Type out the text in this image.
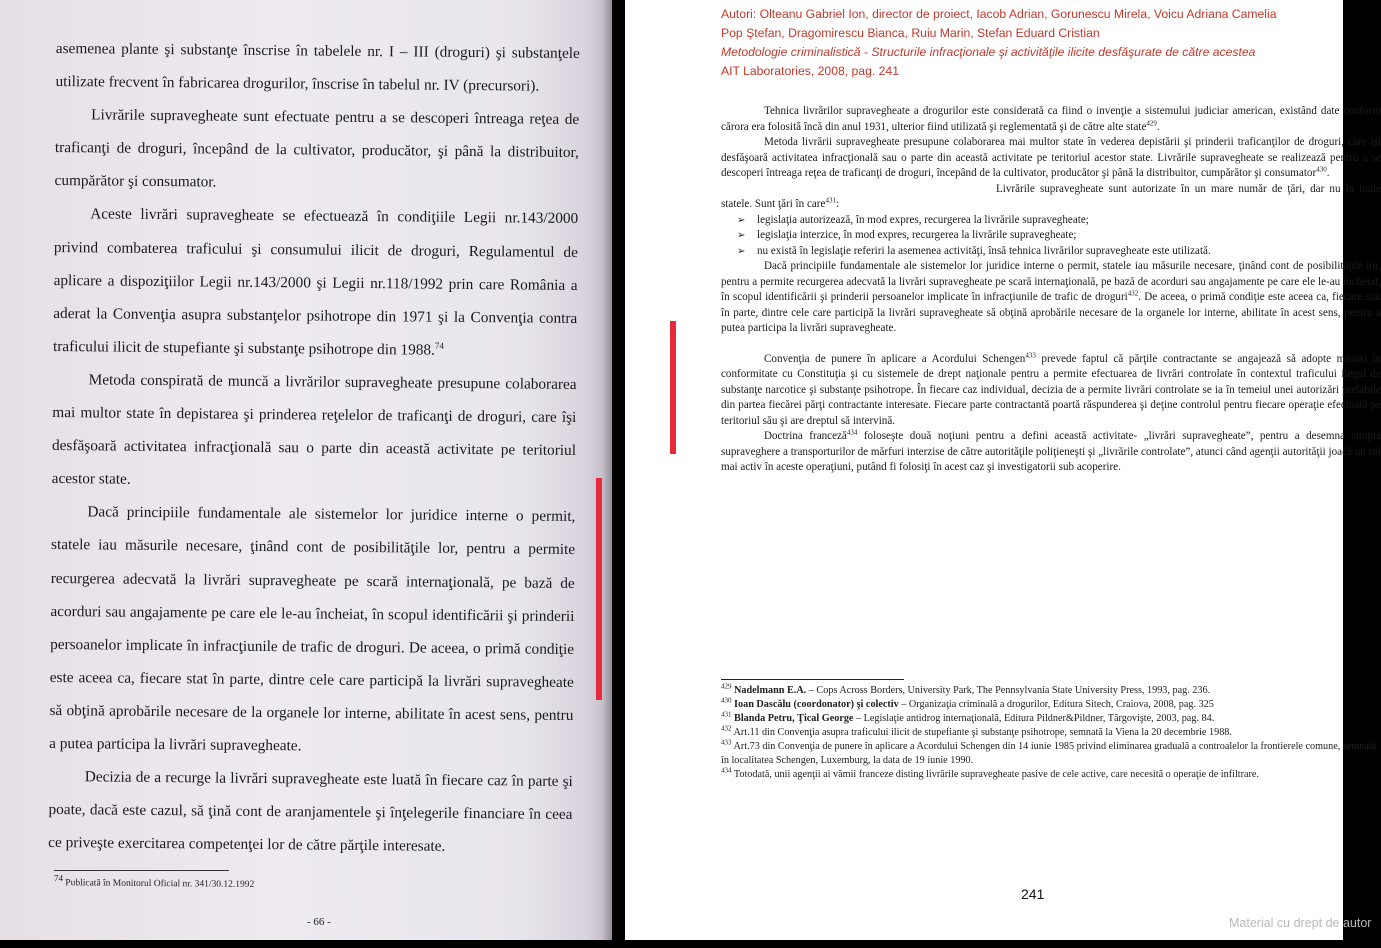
asemenea plante şi substanţe înscrise în tabelele nr. I – III (droguri) şi substanţele utilizate frecvent în fabricarea drogurilor, înscrise în tabelul nr. IV (precursori).

Livrările supravegheate sunt efectuate pentru a se descoperi întreaga reţea de traficanţi de droguri, începând de la cultivator, producător, şi până la distribuitor, cumpărător şi consumator.

Aceste livrări supravegheate se efectuează în condiţiile Legii nr.143/2000 privind combaterea traficului şi consumului ilicit de droguri, Regulamentul de aplicare a dispoziţiilor Legii nr.143/2000 şi Legii nr.118/1992 prin care România a aderat la Convenţia asupra substanţelor psihotrope din 1971 şi la Convenţia contra traficului ilicit de stupefiante şi substanţe psihotrope din 1988.74

Metoda conspirată de muncă a livrărilor supravegheate presupune colaborarea mai multor state în depistarea şi prinderea reţelelor de traficanţi de droguri, care îşi desfăşoară activitatea infracţională sau o parte din această activitate pe teritoriul acestor state.

Dacă principiile fundamentale ale sistemelor lor juridice interne o permit, statele iau măsurile necesare, ţinând cont de posibilităţile lor, pentru a permite recurgerea adecvată la livrări supravegheate pe scară internaţională, pe bază de acorduri sau angajamente pe care ele le-au încheiat, în scopul identificării şi prinderii persoanelor implicate în infracţiunile de trafic de droguri. De aceea, o primă condiţie este aceea ca, fiecare stat în parte, dintre cele care participă la livrări supravegheate să obţină aprobările necesare de la organele lor interne, abilitate în acest sens, pentru a putea participa la livrări supravegheate.

Decizia de a recurge la livrări supravegheate este luată în fiecare caz în parte şi poate, dacă este cazul, să ţină cont de aranjamentele şi înţelegerile financiare în ceea ce priveşte exercitarea competenţei lor de către părţile interesate.

$^{74}$ Publicată în Monitorul Oficial nr. 341/30.12.1992
- 66 -
Autori: Olteanu Gabriel Ion, director de proiect, Iacob Adrian, Gorunescu Mirela, Voicu Adriana Camelia
Pop Ştefan, Dragomirescu Bianca, Ruiu Marin, Stefan Eduard Cristian
Metodologie criminalistică - Structurile infracţionale şi activităţile ilicite desfăşurate de către acestea
AIT Laboratories, 2008, pag. 241

Tehnica livrărilor supravegheate a drogurilor este considerată ca fiind o invenţie a sistemului judiciar american, existând date conform cărora era folosită încă din anul 1931, ulterior fiind utilizată şi reglementată şi de către alte state$^{429}$.

Metoda livrării supravegheate presupune colaborarea mai multor state în vederea depistării şi prinderii traficanţilor de droguri, care îşi desfăşoară activitatea infracţională sau o parte din această activitate pe teritoriul acestor state. Livrările supravegheate se realizează pentru a se descoperi întreaga reţea de traficanţi de droguri, începând de la cultivator, producător şi până la distribuitor, cumpărător şi consumator$^{430}$.

Livrările supravegheate sunt autorizate în un mare număr de ţări, dar nu în toate statele. Sunt ţări în care$^{431}$:

➢ legislaţia autorizează, în mod expres, recurgerea la livrările supravegheate;
➢ legislaţia interzice, în mod expres, recurgerea la livrările supravegheate;
➢ nu există în legislaţie referiri la asemenea activităţi, însă tehnica livrărilor supravegheate este utilizată.

Dacă principiile fundamentale ale sistemelor lor juridice interne o permit, statele iau măsurile necesare, ţinând cont de posibilităţile lor, pentru a permite recurgerea adecvată la livrări supravegheate pe scară internaţională, pe bază de acorduri sau angajamente pe care ele le-au încheiat, în scopul identificării şi prinderii persoanelor implicate în infracţiunile de trafic de droguri$^{432}$. De aceea, o primă condiţie este aceea ca, fiecare stat în parte, dintre cele care participă la livrări supravegheate să obţină aprobările necesare de la organele lor interne, abilitate în acest sens, pentru a putea participa la livrări supravegheate.

Convenţia de punere în aplicare a Acordului Schengen$^{433}$ prevede faptul că părţile contractante se angajează să adopte măsuri în conformitate cu Constituţia şi cu sistemele de drept naţionale pentru a permite efectuarea de livrări controlate în contextul traficului ilegal de substanţe narcotice şi substanţe psihotrope. În fiecare caz individual, decizia de a permite livrări controlate se ia în temeiul unei autorizări prelabile din partea fiecărei părţi contractante interesate. Fiecare parte contractantă poartă răspunderea şi deţine controlul pentru fiecare operaţie efectuată pe teritoriul său şi are dreptul să intervină.

Doctrina franceză$^{434}$ foloseşte două noţiuni pentru a defini această activitate- „livrări supravegheate”, pentru a desemna simpla supraveghere a transporturilor de mărfuri interzise de către autorităţile poliţieneşti şi „livrările controlate”, atunci când agenţii autorităţii joacă un rol mai activ în aceste operaţiuni, putând fi folosiţi în acest caz şi investigatorii sub acoperire.

$^{429}$ Nadelmann E.A. – Cops Across Borders, University Park, The Pennsylvania State University Press, 1993, pag. 236.
$^{430}$ Ioan Dascălu (coordonator) şi colectiv – Organizaţia criminală a drogurilor, Editura Sitech, Craiova, 2008, pag. 325
$^{431}$ Blanda Petru, Ţical George – Legislaţie antidrog internaţională, Editura Pildner&Pildner, Târgovişte, 2003, pag. 84.
$^{432}$ Art.11 din Convenţia asupra traficului ilicit de stupefiante şi substanţe psihotrope, semnată la Viena la 20 decembrie 1988.
$^{433}$ Art.73 din Convenţia de punere în aplicare a Acordului Schengen din 14 iunie 1985 privind eliminarea graduală a controalelor la frontierele comune, semnată în localitatea Schengen, Luxemburg, la data de 19 iunie 1990.
$^{434}$ Totodată, unii agenţii ai vămii franceze disting livrările supravegheate pasive de cele active, care necesită o operaţie de infiltrare.
241
Material cu drept de autor
